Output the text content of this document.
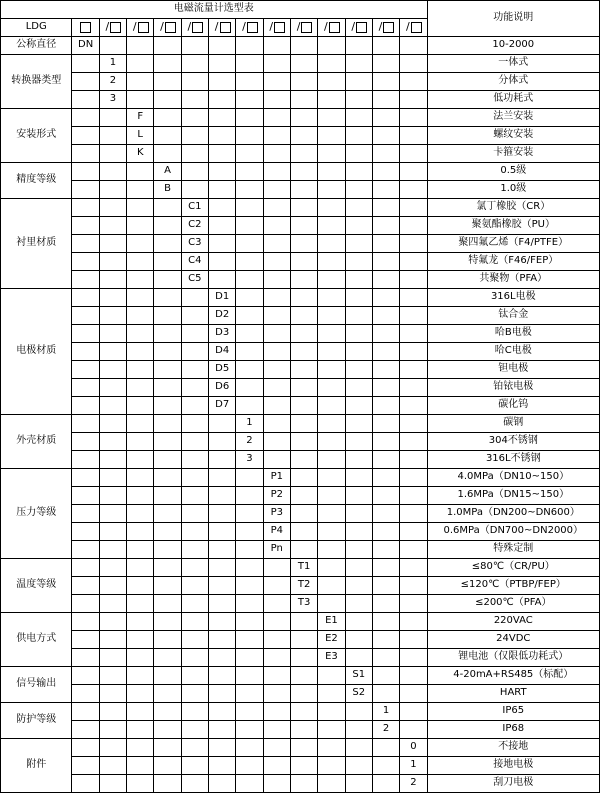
电磁流量计选型表														功能说明
LDG		/	/	/	/	/	/	/	/	/	/	/	/	
公称直径	DN													10-2000
转换器类型		1												一体式
		2												分体式
		3												低功耗式
安装形式			F											法兰安装
			L											螺纹安装
			K											卡箍安装
精度等级				A										0.5级
				B										1.0级
衬里材质					C1									氯丁橡胶（CR）
					C2									聚氨酯橡胶（PU）
					C3									聚四氟乙烯（F4/PTFE）
					C4									特氟龙（F46/FEP）
					C5									共聚物（PFA）
电极材质						D1								316L电极
						D2								钛合金
						D3								哈B电极
						D4								哈C电极
						D5								钽电极
						D6								铂铱电极
						D7								碳化钨
外壳材质							1							碳钢
							2							304不锈钢
							3							316L不锈钢
压力等级								P1						4.0MPa（DN10~150）
								P2						1.6MPa（DN15~150）
								P3						1.0MPa（DN200~DN600）
								P4						0.6MPa（DN700~DN2000）
								Pn						特殊定制
温度等级									T1					≤80℃（CR/PU）
									T2					≤120℃（PTBP/FEP）
									T3					≤200℃（PFA）
供电方式										E1				220VAC
										E2				24VDC
										E3				锂电池（仅限低功耗式）
信号输出											S1			4-20mA+RS485（标配）
											S2			HART
防护等级												1		IP65
												2		IP68
附件													0	不接地
													1	接地电极
													2	刮刀电极
